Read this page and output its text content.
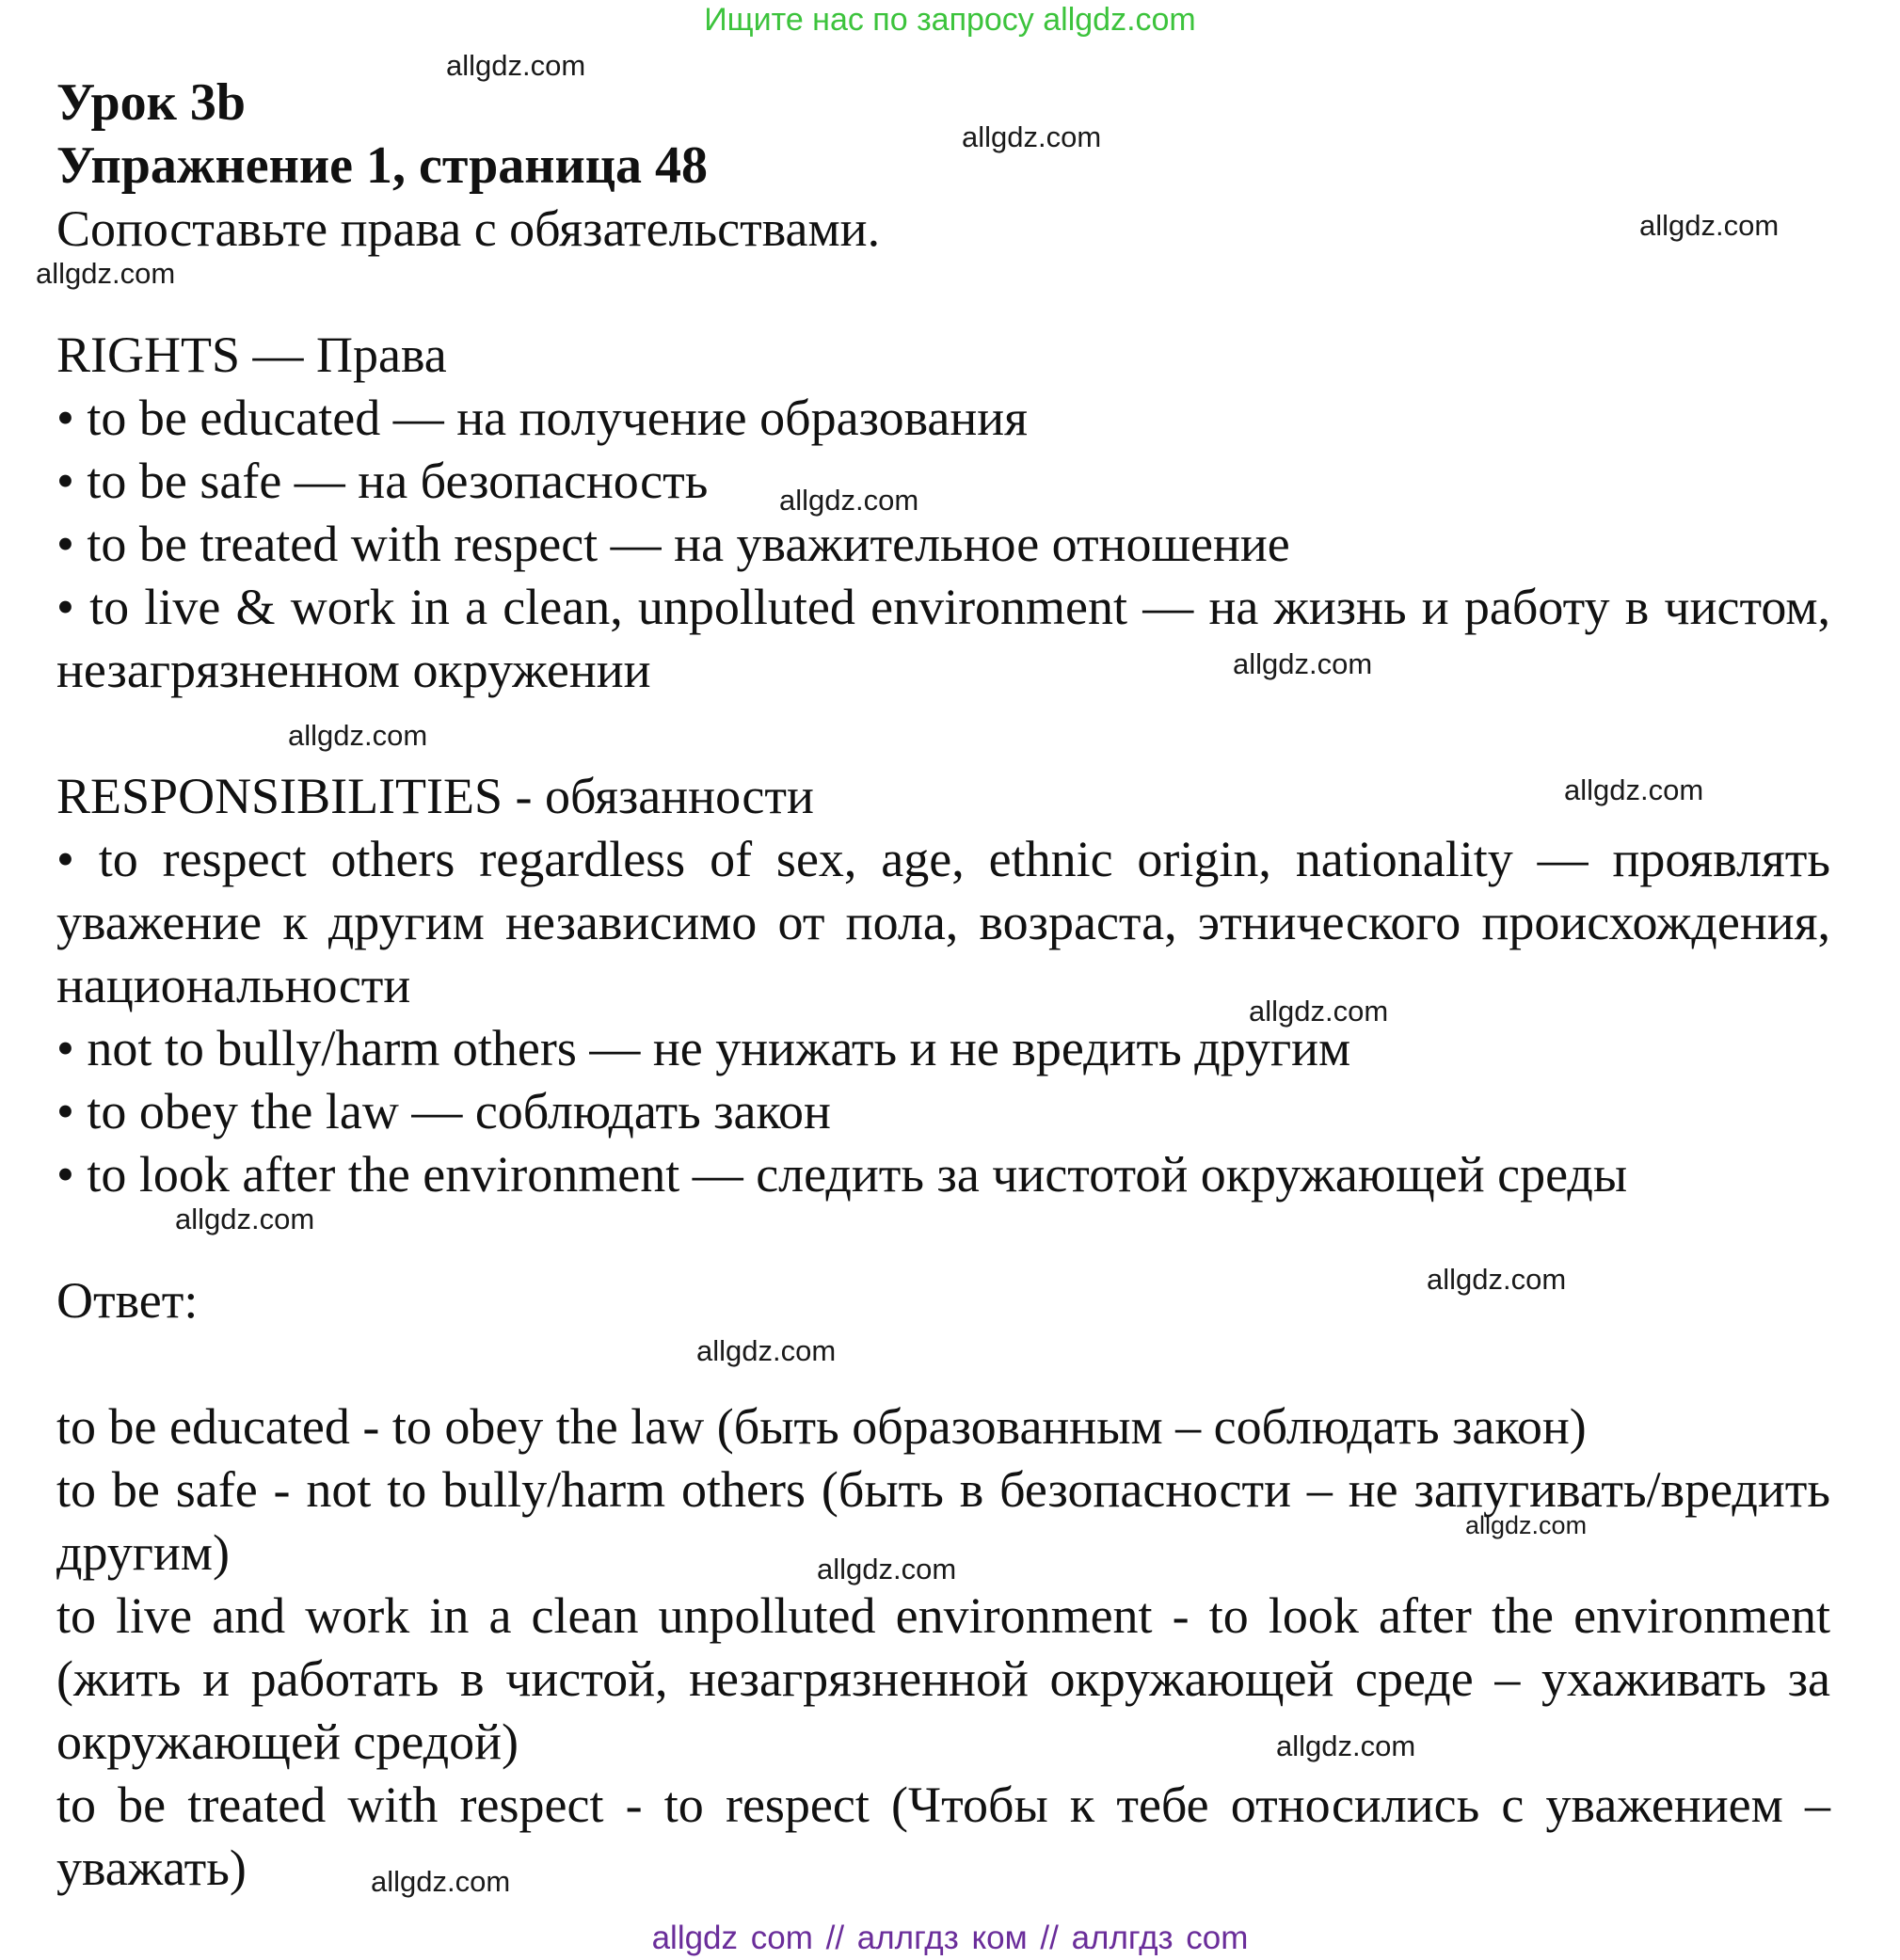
Ищите нас по запросу allgdz.com

Урок 3b

Упражнение 1, страница 48

Сопоставьте права с обязательствами.

RIGHTS — Права

• to be educated — на получение образования

• to be safe — на безопасность

• to be treated with respect — на уважительное отношение

• to live & work in a clean, unpolluted environment — на жизнь и работу в чистом, незагрязненном окружении

RESPONSIBILITIES - обязанности

• to respect others regardless of sex, age, ethnic origin, nationality — проявлять уважение к другим независимо от пола, возраста, этнического происхождения, национальности

• not to bully/harm others — не унижать и не вредить другим

• to obey the law — соблюдать закон

• to look after the environment — следить за чистотой окружающей среды

Ответ:

to be educated - to obey the law (быть образованным – соблюдать закон)

to be safe - not to bully/harm others (быть в безопасности – не запугивать/вредить другим)

to live and work in a clean unpolluted environment - to look after the environment (жить и работать в чистой, незагрязненной окружающей среде – ухаживать за окружающей средой)

to be treated with respect - to respect (Чтобы к тебе относились с уважением – уважать)

allgdz.com
allgdz.com
allgdz.com
allgdz.com
allgdz.com
allgdz.com
allgdz.com
allgdz.com
allgdz.com
allgdz.com
allgdz.com
allgdz.com
allgdz.com
allgdz.com
allgdz.com
allgdz.com
allgdz com // аллгдз ком // аллгдз com
